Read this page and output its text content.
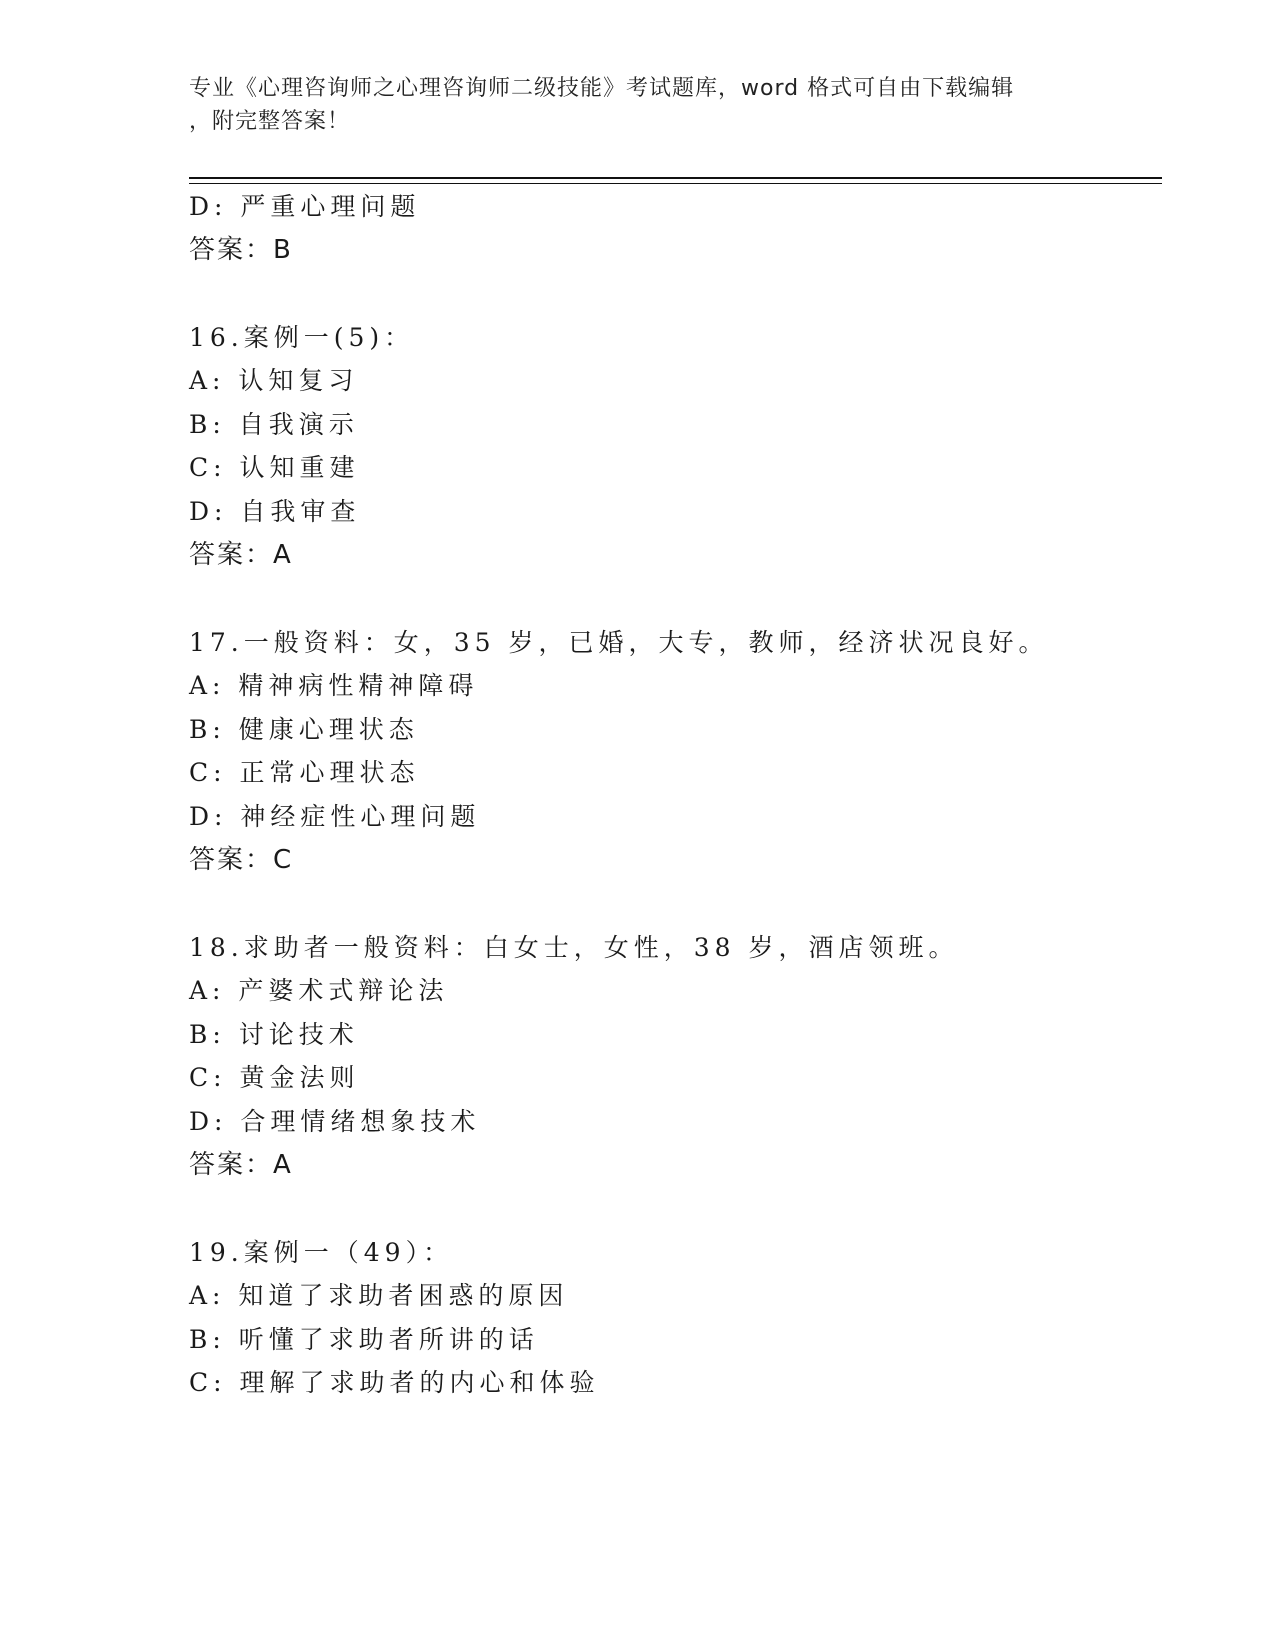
专业《心理咨询师之心理咨询师二级技能》考试题库，word 格式可自由下载编辑
，附完整答案！
D: 严重心理问题
答案：B
16.案例一(5)：
A: 认知复习
B: 自我演示
C: 认知重建
D: 自我审查
答案：A
17.一般资料：女，35 岁，已婚，大专，教师，经济状况良好。
A: 精神病性精神障碍
B: 健康心理状态
C: 正常心理状态
D: 神经症性心理问题
答案：C
18.求助者一般资料：白女士，女性，38 岁，酒店领班。
A: 产婆术式辩论法
B: 讨论技术
C: 黄金法则
D: 合理情绪想象技术
答案：A
19.案例一（49）：
A: 知道了求助者困惑的原因
B: 听懂了求助者所讲的话
C: 理解了求助者的内心和体验
